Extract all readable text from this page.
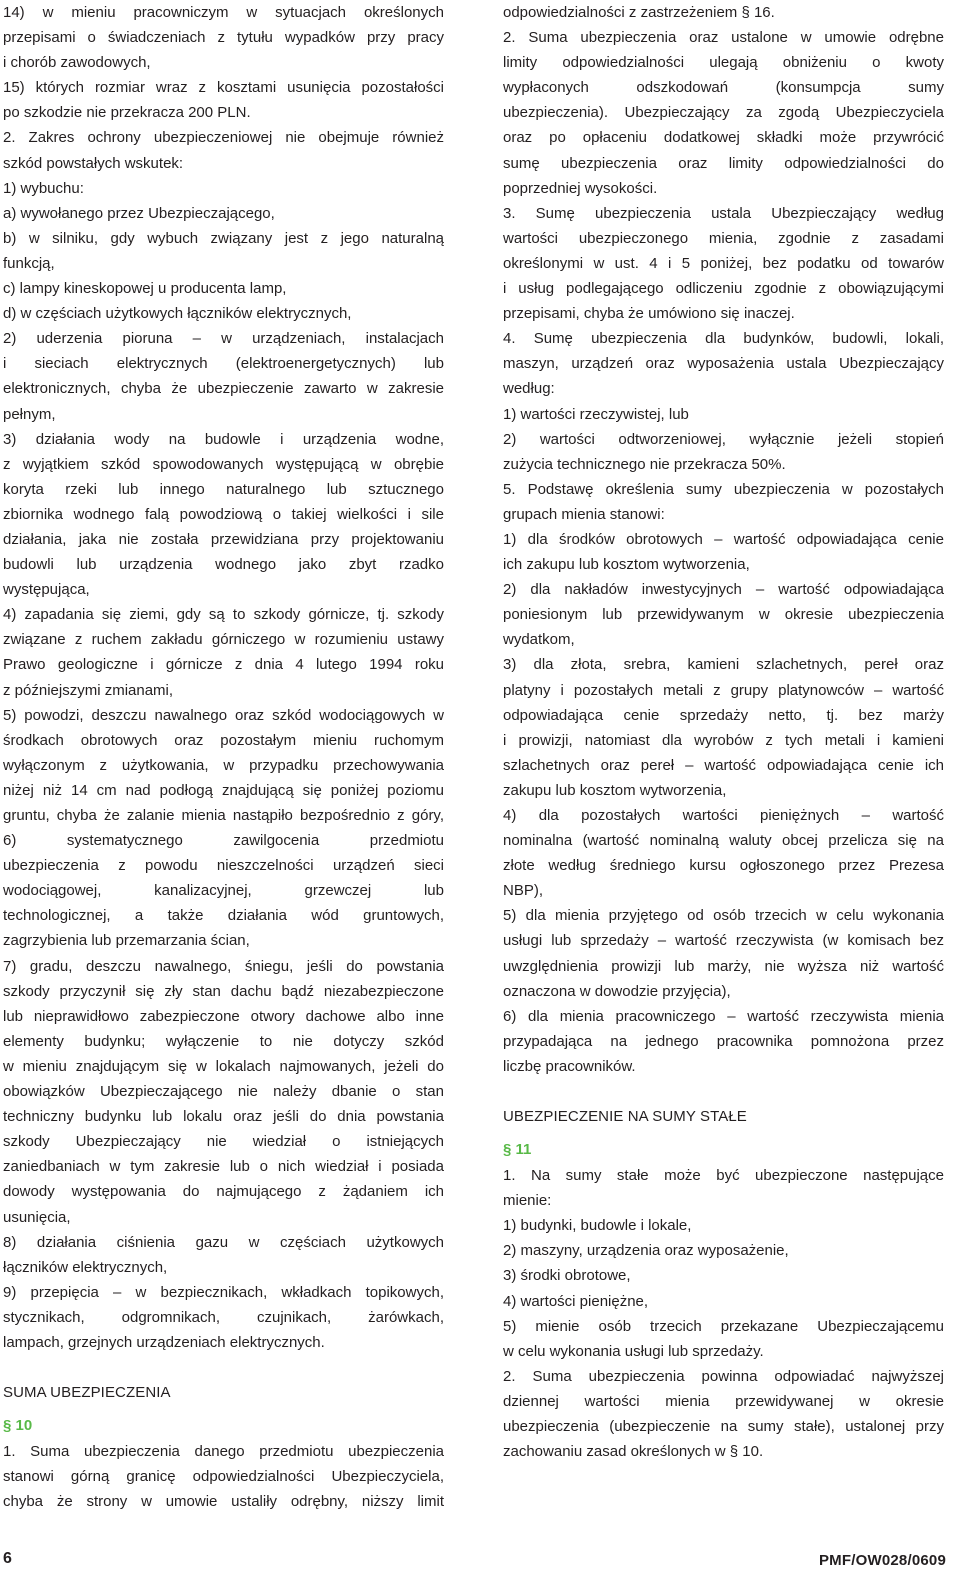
14) w mieniu pracowniczym w sytuacjach określonych
przepisami o świadczeniach z tytułu wypadków przy pracy
i chorób zawodowych,
15) których rozmiar wraz z kosztami usunięcia pozostałości
po szkodzie nie przekracza 200 PLN.
2. Zakres ochrony ubezpieczeniowej nie obejmuje również
szkód powstałych wskutek:
1) wybuchu:
a) wywołanego przez Ubezpieczającego,
b) w silniku, gdy wybuch związany jest z jego naturalną
funkcją,
c) lampy kineskopowej u producenta lamp,
d) w częściach użytkowych łączników elektrycznych,
2) uderzenia pioruna – w urządzeniach, instalacjach
i sieciach elektrycznych (elektroenergetycznych) lub
elektronicznych, chyba że ubezpieczenie zawarto w zakresie
pełnym,
3) działania wody na budowle i urządzenia wodne,
z wyjątkiem szkód spowodowanych występującą w obrębie
koryta rzeki lub innego naturalnego lub sztucznego
zbiornika wodnego falą powodziową o takiej wielkości i sile
działania, jaka nie została przewidziana przy projektowaniu
budowli lub urządzenia wodnego jako zbyt rzadko
występująca,
4) zapadania się ziemi, gdy są to szkody górnicze, tj. szkody
związane z ruchem zakładu górniczego w rozumieniu ustawy
Prawo geologiczne i górnicze z dnia 4 lutego 1994 roku
z późniejszymi zmianami,
5) powodzi, deszczu nawalnego oraz szkód wodociągowych w
środkach obrotowych oraz pozostałym mieniu ruchomym
wyłączonym z użytkowania, w przypadku przechowywania
niżej niż 14 cm nad podłogą znajdującą się poniżej poziomu
gruntu, chyba że zalanie mienia nastąpiło bezpośrednio z góry,
6) systematycznego zawilgocenia przedmiotu
ubezpieczenia z powodu nieszczelności urządzeń sieci
wodociągowej, kanalizacyjnej, grzewczej lub
technologicznej, a także działania wód gruntowych,
zagrzybienia lub przemarzania ścian,
7) gradu, deszczu nawalnego, śniegu, jeśli do powstania
szkody przyczynił się zły stan dachu bądź niezabezpieczone
lub nieprawidłowo zabezpieczone otwory dachowe albo inne
elementy budynku; wyłączenie to nie dotyczy szkód
w mieniu znajdującym się w lokalach najmowanych, jeżeli do
obowiązków Ubezpieczającego nie należy dbanie o stan
techniczny budynku lub lokalu oraz jeśli do dnia powstania
szkody Ubezpieczający nie wiedział o istniejących
zaniedbaniach w tym zakresie lub o nich wiedział i posiada
dowody występowania do najmującego z żądaniem ich
usunięcia,
8) działania ciśnienia gazu w częściach użytkowych
łączników elektrycznych,
9) przepięcia – w bezpiecznikach, wkładkach topikowych,
stycznikach, odgromnikach, czujnikach, żarówkach,
lampach, grzejnych urządzeniach elektrycznych.
SUMA UBEZPIECZENIA
§ 10
1. Suma ubezpieczenia danego przedmiotu ubezpieczenia
stanowi górną granicę odpowiedzialności Ubezpieczyciela,
chyba że strony w umowie ustaliły odrębny, niższy limit
odpowiedzialności z zastrzeżeniem § 16.
2. Suma ubezpieczenia oraz ustalone w umowie odrębne
limity odpowiedzialności ulegają obniżeniu o kwoty
wypłaconych odszkodowań (konsumpcja sumy
ubezpieczenia). Ubezpieczający za zgodą Ubezpieczyciela
oraz po opłaceniu dodatkowej składki może przywrócić
sumę ubezpieczenia oraz limity odpowiedzialności do
poprzedniej wysokości.
3. Sumę ubezpieczenia ustala Ubezpieczający według
wartości ubezpieczonego mienia, zgodnie z zasadami
określonymi w ust. 4 i 5 poniżej, bez podatku od towarów
i usług podlegającego odliczeniu zgodnie z obowiązującymi
przepisami, chyba że umówiono się inaczej.
4. Sumę ubezpieczenia dla budynków, budowli, lokali,
maszyn, urządzeń oraz wyposażenia ustala Ubezpieczający
według:
1) wartości rzeczywistej, lub
2) wartości odtworzeniowej, wyłącznie jeżeli stopień
zużycia technicznego nie przekracza 50%.
5. Podstawę określenia sumy ubezpieczenia w pozostałych
grupach mienia stanowi:
1) dla środków obrotowych – wartość odpowiadająca cenie
ich zakupu lub kosztom wytworzenia,
2) dla nakładów inwestycyjnych – wartość odpowiadająca
poniesionym lub przewidywanym w okresie ubezpieczenia
wydatkom,
3) dla złota, srebra, kamieni szlachetnych, pereł oraz
platyny i pozostałych metali z grupy platynowców – wartość
odpowiadająca cenie sprzedaży netto, tj. bez marży
i prowizji, natomiast dla wyrobów z tych metali i kamieni
szlachetnych oraz pereł – wartość odpowiadająca cenie ich
zakupu lub kosztom wytworzenia,
4) dla pozostałych wartości pieniężnych – wartość
nominalna (wartość nominalną waluty obcej przelicza się na
złote według średniego kursu ogłoszonego przez Prezesa
NBP),
5) dla mienia przyjętego od osób trzecich w celu wykonania
usługi lub sprzedaży – wartość rzeczywista (w komisach bez
uwzględnienia prowizji lub marży, nie wyższa niż wartość
oznaczona w dowodzie przyjęcia),
6) dla mienia pracowniczego – wartość rzeczywista mienia
przypadająca na jednego pracownika pomnożona przez
liczbę pracowników.
UBEZPIECZENIE NA SUMY STAŁE
§ 11
1. Na sumy stałe może być ubezpieczone następujące
mienie:
1) budynki, budowle i lokale,
2) maszyny, urządzenia oraz wyposażenie,
3) środki obrotowe,
4) wartości pieniężne,
5) mienie osób trzecich przekazane Ubezpieczającemu
w celu wykonania usługi lub sprzedaży.
2. Suma ubezpieczenia powinna odpowiadać najwyższej
dziennej wartości mienia przewidywanej w okresie
ubezpieczenia (ubezpieczenie na sumy stałe), ustalonej przy
zachowaniu zasad określonych w § 10.
6	PMF/OW028/0609
